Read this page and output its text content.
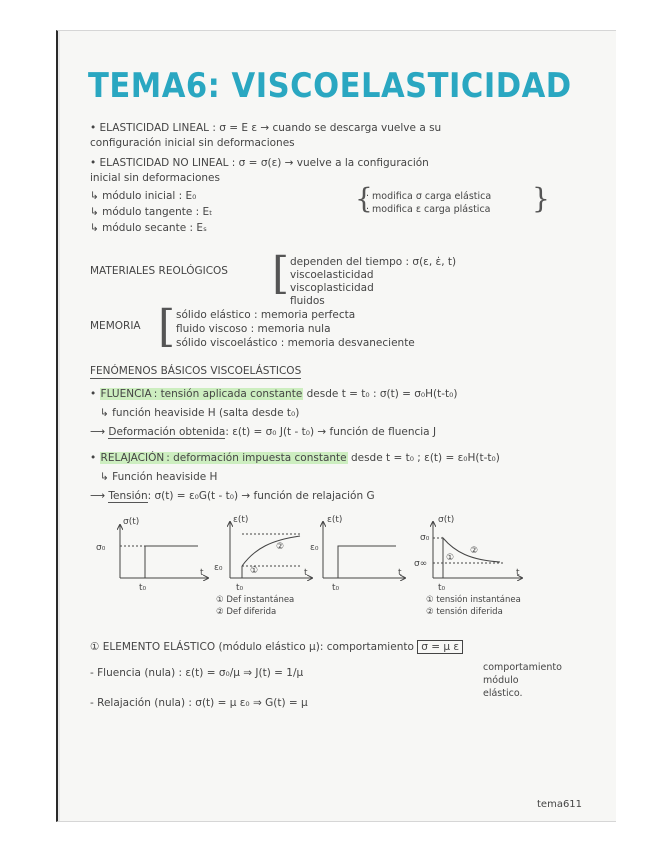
TEMA6: VISCOELASTICIDAD
• ELASTICIDAD LINEAL : σ = E ε → cuando se descarga vuelve a su
configuración inicial sin deformaciones
• ELASTICIDAD NO LINEAL : σ = σ(ε) → vuelve a la configuración
inicial sin deformaciones
↳ módulo inicial : E₀
↳ módulo tangente : Eₜ
↳ módulo secante : Eₛ
{
· modifica σ carga elástica
· modifica ε carga plástica }
MATERIALES REOLÓGICOS [ dependen del tiempo : σ(ε, ε̇, t)
viscoelasticidad
viscoplasticidad
fluidos
MEMORIA [ sólido elástico : memoria perfecta
fluido viscoso : memoria nula
sólido viscoelástico : memoria desvaneciente
FENÓMENOS BÁSICOS VISCOELÁSTICOS
• FLUENCIA : tensión aplicada constante desde t = t₀ : σ(t) = σ₀H(t-t₀)
↳ función heaviside H (salta desde t₀)
⟶ Deformación obtenida: ε(t) = σ₀ J(t - t₀) → función de fluencia J
• RELAJACIÓN : deformación impuesta constante desde t = t₀ ; ε(t) = ε₀H(t-t₀)
↳ Función heaviside H
⟶ Tensión: σ(t) = ε₀G(t - t₀) → función de relajación G
σ(t)
σ₀
t
t₀
ε(t)
ε₀	t
t₀
①
②
① Def instantánea
② Def diferida
ε(t)
ε₀
t
t₀
σ(t)
σ₀
σ∞
t
t₀
①
②
① tensión instantánea
② tensión diferida
① ELEMENTO ELÁSTICO (módulo elástico μ): comportamiento σ = μ ε
- Fluencia (nula) : ε(t) = σ₀/μ ⇒ J(t) = 1/μ
- Relajación (nula) : σ(t) = μ ε₀ ⇒ G(t) = μ
comportamiento
módulo
elástico.
tema611
